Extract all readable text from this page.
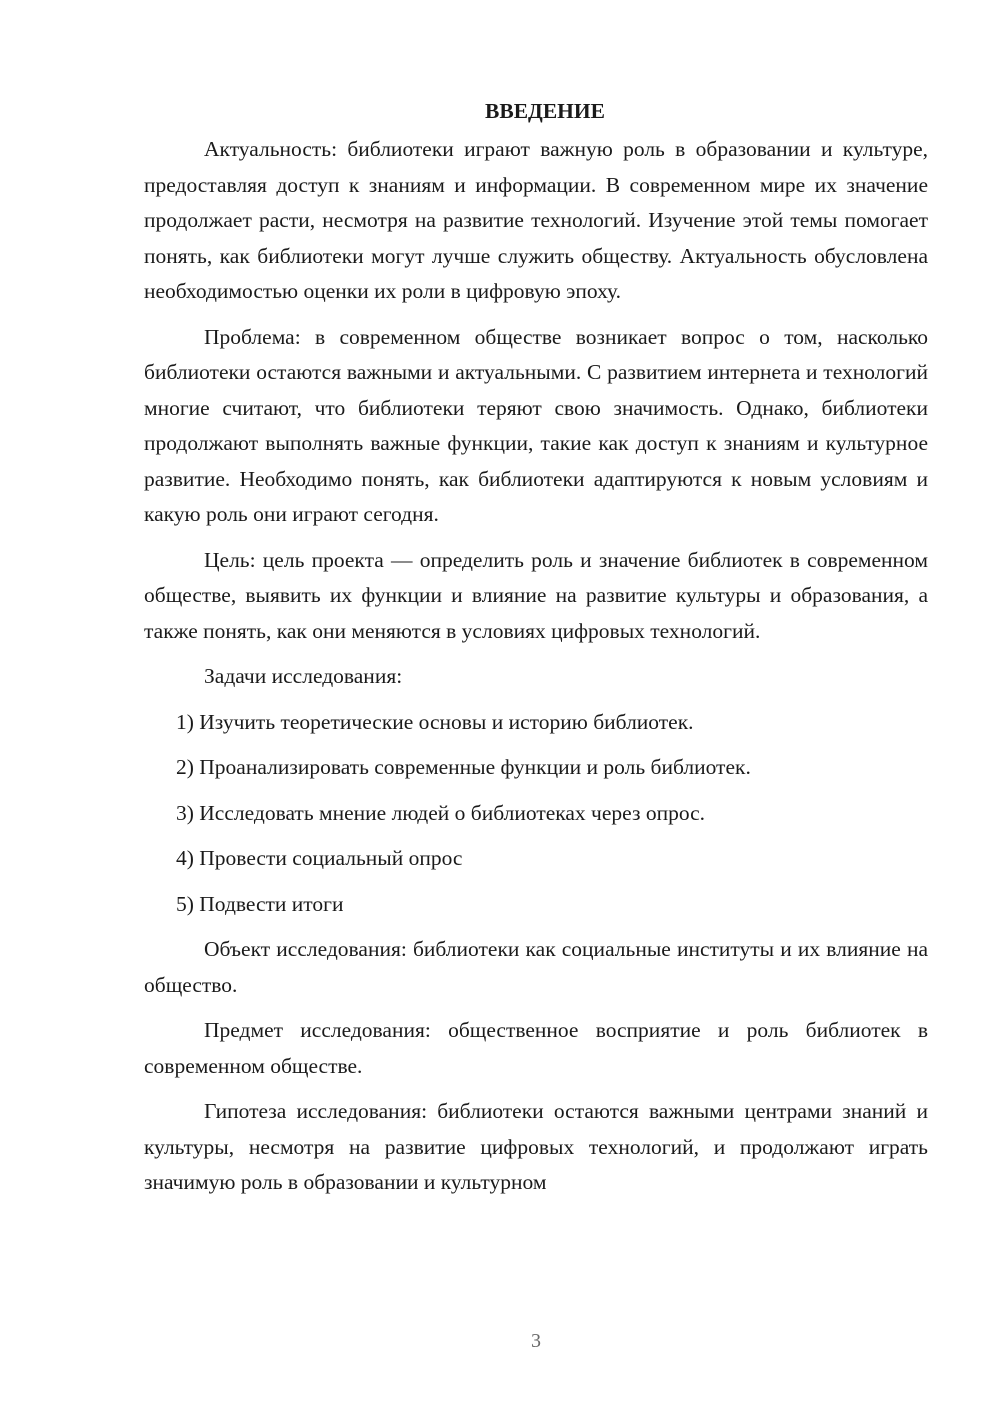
ВВЕДЕНИЕ

Актуальность: библиотеки играют важную роль в образовании и культуре, предоставляя доступ к знаниям и информации. В современном мире их значение продолжает расти, несмотря на развитие технологий. Изучение этой темы помогает понять, как библиотеки могут лучше служить обществу. Актуальность обусловлена необходимостью оценки их роли в цифровую эпоху.

Проблема: в современном обществе возникает вопрос о том, насколько библиотеки остаются важными и актуальными. С развитием интернета и технологий многие считают, что библиотеки теряют свою значимость. Однако, библиотеки продолжают выполнять важные функции, такие как доступ к знаниям и культурное развитие. Необходимо понять, как библиотеки адаптируются к новым условиям и какую роль они играют сегодня.

Цель: цель проекта — определить роль и значение библиотек в современном обществе, выявить их функции и влияние на развитие культуры и образования, а также понять, как они меняются в условиях цифровых технологий.

Задачи исследования:

1) Изучить теоретические основы и историю библиотек.

2) Проанализировать современные функции и роль библиотек.

3) Исследовать мнение людей о библиотеках через опрос.

4) Провести социальный опрос

5) Подвести итоги

Объект исследования: библиотеки как социальные институты и их влияние на общество.

Предмет исследования: общественное восприятие и роль библиотек в современном обществе.

Гипотеза исследования: библиотеки остаются важными центрами знаний и культуры, несмотря на развитие цифровых технологий, и продолжают играть значимую роль в образовании и культурном

3
